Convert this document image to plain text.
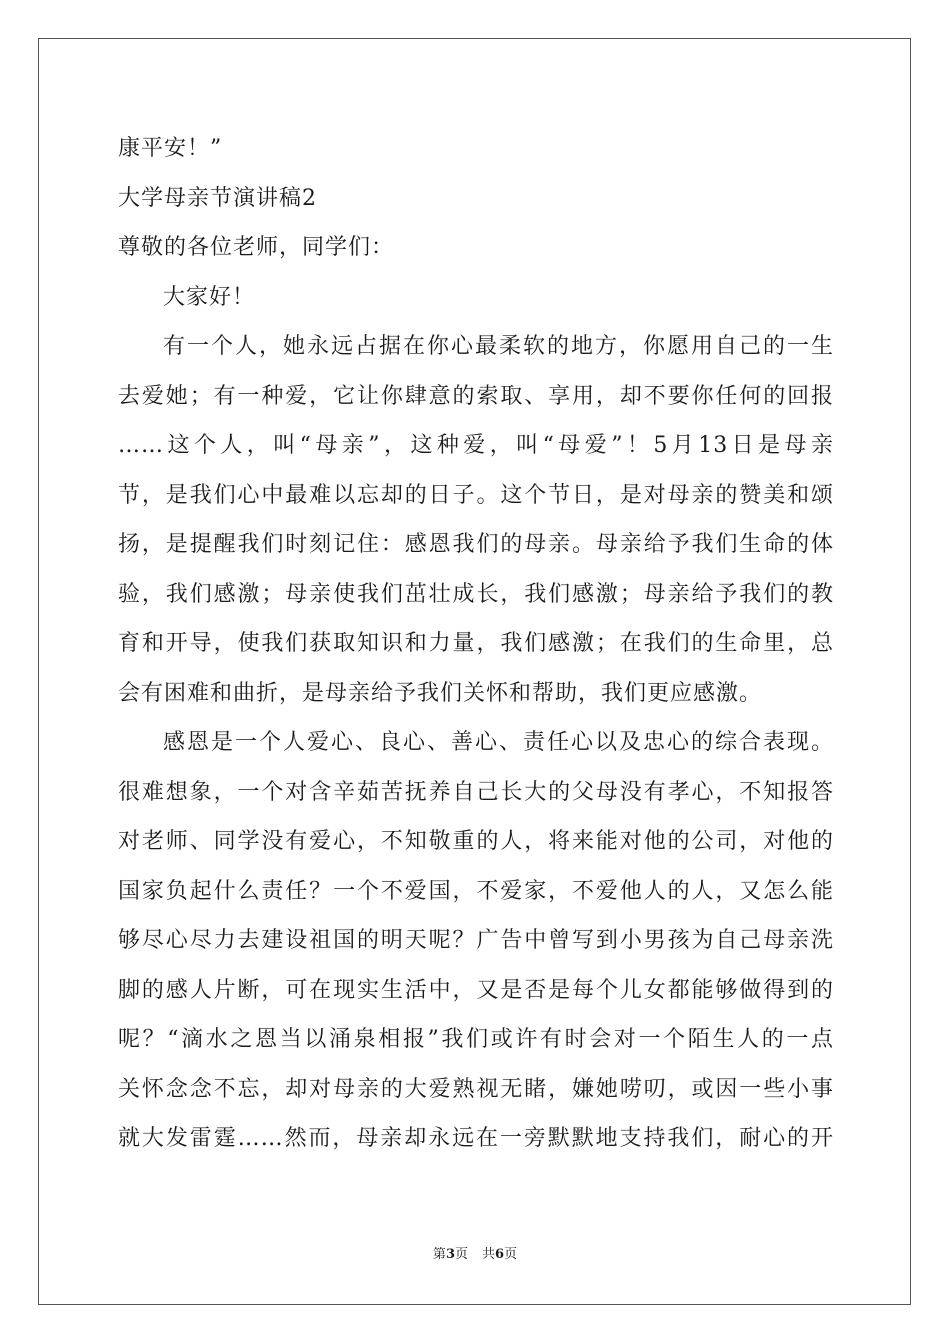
康平安！”
大学母亲节演讲稿2
尊敬的各位老师，同学们：
大家好！
有一个人，她永远占据在你心最柔软的地方，你愿用自己的一生
去爱她；有一种爱，它让你肆意的索取、享用，却不要你任何的回报
……这个人，叫“母亲”，这种爱，叫“母爱”！5月13日是母亲
节，是我们心中最难以忘却的日子。这个节日，是对母亲的赞美和颂
扬，是提醒我们时刻记住：感恩我们的母亲。母亲给予我们生命的体
验，我们感激；母亲使我们茁壮成长，我们感激；母亲给予我们的教
育和开导，使我们获取知识和力量，我们感激；在我们的生命里，总
会有困难和曲折，是母亲给予我们关怀和帮助，我们更应感激。
感恩是一个人爱心、良心、善心、责任心以及忠心的综合表现。
很难想象，一个对含辛茹苦抚养自己长大的父母没有孝心，不知报答
对老师、同学没有爱心，不知敬重的人，将来能对他的公司，对他的
国家负起什么责任？一个不爱国，不爱家，不爱他人的人，又怎么能
够尽心尽力去建设祖国的明天呢？广告中曾写到小男孩为自己母亲洗
脚的感人片断，可在现实生活中，又是否是每个儿女都能够做得到的
呢？“滴水之恩当以涌泉相报”我们或许有时会对一个陌生人的一点
关怀念念不忘，却对母亲的大爱熟视无睹，嫌她唠叨，或因一些小事
就大发雷霆……然而，母亲却永远在一旁默默地支持我们，耐心的开
第3页 共6页
